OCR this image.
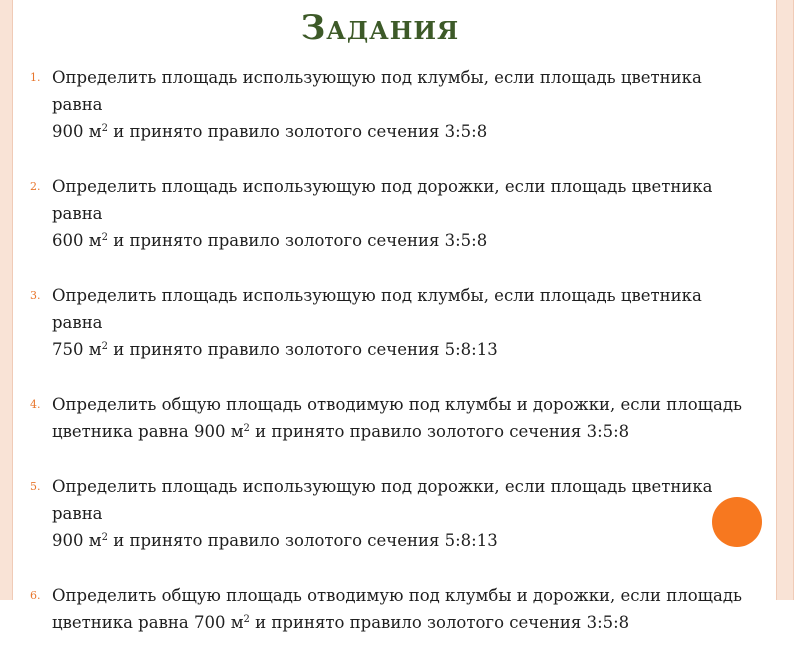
Задания
1. Определить площадь использующую под клумбы, если площадь цветника равна
900 $м^2$ и принято правило золотого сечения 3:5:8
2. Определить площадь использующую под дорожки, если площадь цветника равна
600 $м^2$ и принято правило золотого сечения 3:5:8
3. Определить площадь использующую под клумбы, если площадь цветника равна
750 $м^2$ и принято правило золотого сечения 5:8:13
4. Определить общую площадь отводимую под клумбы и дорожки, если площадь
цветника равна 900 $м^2$ и принято правило золотого сечения 3:5:8
5. Определить площадь использующую под дорожки, если площадь цветника равна
900 $м^2$ и принято правило золотого сечения 5:8:13
6. Определить общую площадь отводимую под клумбы и дорожки, если площадь
цветника равна 700 $м^2$ и принято правило золотого сечения 3:5:8
